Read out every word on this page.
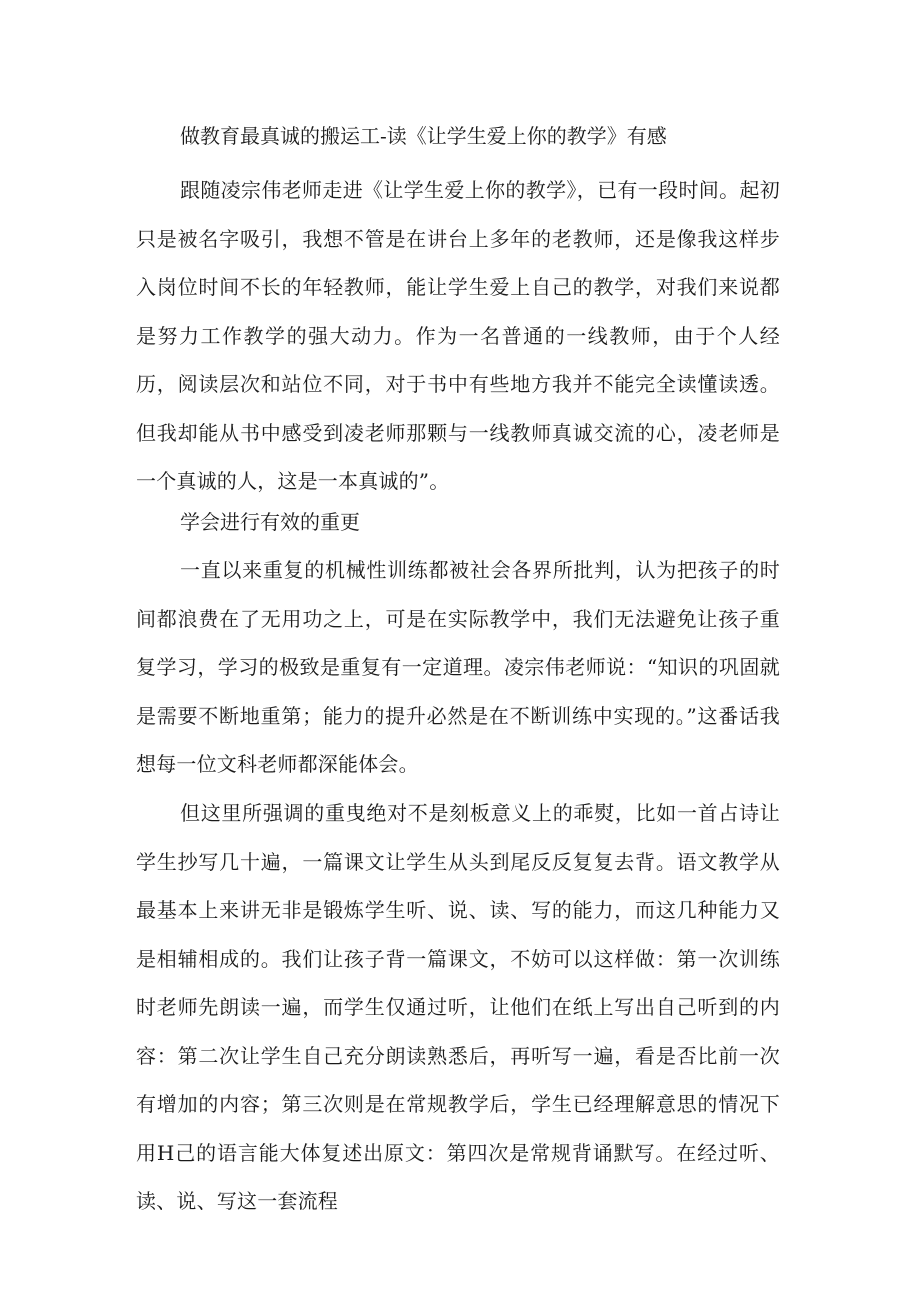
做教育最真诚的搬运工-读《让学生爱上你的教学》有感
跟随凌宗伟老师走进《让学生爱上你的教学》，已有一段时间。起初只是被名字吸引，我想不管是在讲台上多年的老教师，还是像我这样步入岗位时间不长的年轻教师，能让学生爱上自己的教学，对我们来说都是努力工作教学的强大动力。作为一名普通的一线教师，由于个人经历，阅读层次和站位不同，对于书中有些地方我并不能完全读懂读透。但我却能从书中感受到凌老师那颗与一线教师真诚交流的心，凌老师是一个真诚的人，这是一本真诚的”。
学会进行有效的重更
一直以来重复的机械性训练都被社会各界所批判，认为把孩子的时间都浪费在了无用功之上，可是在实际教学中，我们无法避免让孩子重复学习，学习的极致是重复有一定道理。凌宗伟老师说：“知识的巩固就是需要不断地重第；能力的提升必然是在不断训练中实现的。”这番话我想每一位文科老师都深能体会。
但这里所强调的重曳绝对不是刻板意义上的乖熨，比如一首占诗让学生抄写几十遍，一篇课文让学生从头到尾反反复复去背。语文教学从最基本上来讲无非是锻炼学生听、说、读、写的能力，而这几种能力又是相辅相成的。我们让孩子背一篇课文，不妨可以这样做：第一次训练时老师先朗读一遍，而学生仅通过听，让他们在纸上写出自己听到的内容：第二次让学生自己充分朗读熟悉后，再听写一遍，看是否比前一次有增加的内容；第三次则是在常规教学后，学生已经理解意思的情况下用H己的语言能大体复述出原文：第四次是常规背诵默写。在经过听、读、说、写这一套流程
